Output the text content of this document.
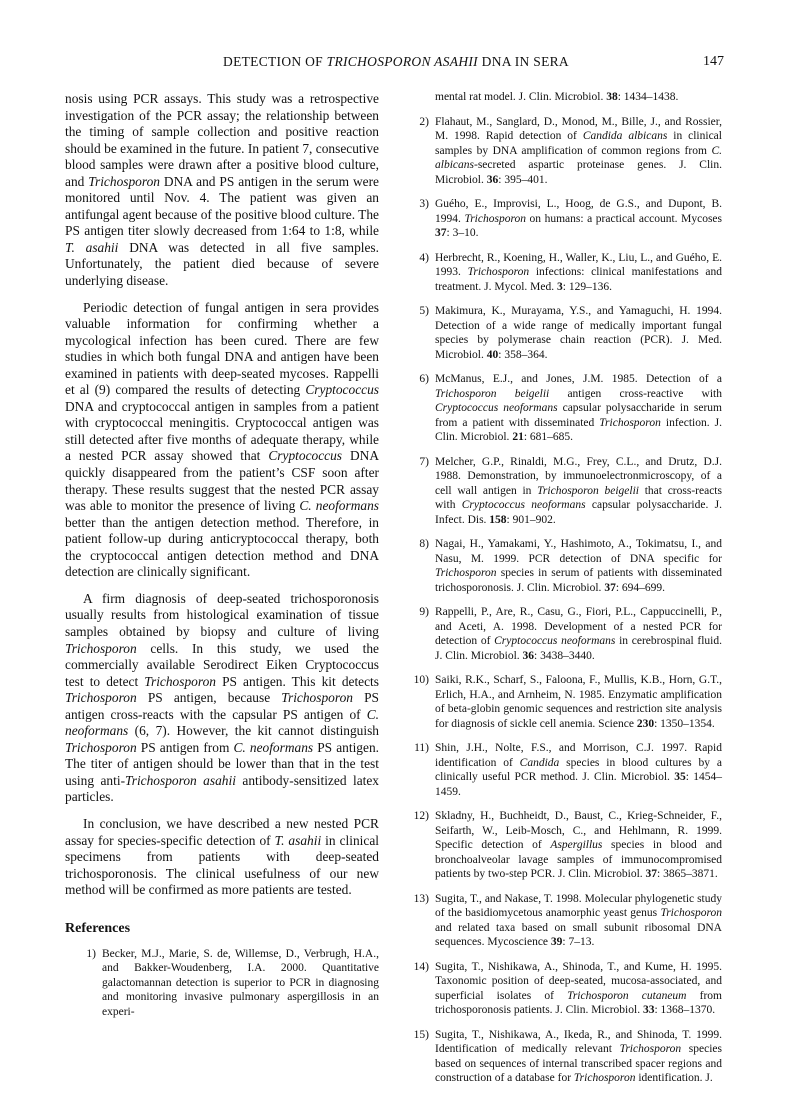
DETECTION OF TRICHOSPORON ASAHII DNA IN SERA	147

nosis using PCR assays. This study was a retrospective investigation of the PCR assay; the relationship between the timing of sample collection and positive reaction should be examined in the future. In patient 7, consecutive blood samples were drawn after a positive blood culture, and Trichosporon DNA and PS antigen in the serum were monitored until Nov. 4. The patient was given an antifungal agent because of the positive blood culture. The PS antigen titer slowly decreased from 1:64 to 1:8, while T. asahii DNA was detected in all five samples. Unfortunately, the patient died because of severe underlying disease.

Periodic detection of fungal antigen in sera provides valuable information for confirming whether a mycological infection has been cured. There are few studies in which both fungal DNA and antigen have been examined in patients with deep-seated mycoses. Rappelli et al (9) compared the results of detecting Cryptococcus DNA and cryptococcal antigen in samples from a patient with cryptococcal meningitis. Cryptococcal antigen was still detected after five months of adequate therapy, while a nested PCR assay showed that Cryptococcus DNA quickly disappeared from the patient’s CSF soon after therapy. These results suggest that the nested PCR assay was able to monitor the presence of living C. neoformans better than the antigen detection method. Therefore, in patient follow-up during anticryptococcal therapy, both the cryptococcal antigen detection method and DNA detection are clinically significant.

A firm diagnosis of deep-seated trichosporonosis usually results from histological examination of tissue samples obtained by biopsy and culture of living Trichosporon cells. In this study, we used the commercially available Serodirect Eiken Cryptococcus test to detect Trichosporon PS antigen. This kit detects Trichosporon PS antigen, because Trichosporon PS antigen cross-reacts with the capsular PS antigen of C. neoformans (6, 7). However, the kit cannot distinguish Trichosporon PS antigen from C. neoformans PS antigen. The titer of antigen should be lower than that in the test using anti-Trichosporon asahii antibody-sensitized latex particles.

In conclusion, we have described a new nested PCR assay for species-specific detection of T. asahii in clinical specimens from patients with deep-seated trichosporonosis. The clinical usefulness of our new method will be confirmed as more patients are tested.

References
1) Becker, M.J., Marie, S. de, Willemse, D., Verbrugh, H.A., and Bakker-Woudenberg, I.A. 2000. Quantitative galactomannan detection is superior to PCR in diagnosing and monitoring invasive pulmonary aspergillosis in an experi-
mental rat model. J. Clin. Microbiol. 38: 1434–1438.
2) Flahaut, M., Sanglard, D., Monod, M., Bille, J., and Rossier, M. 1998. Rapid detection of Candida albicans in clinical samples by DNA amplification of common regions from C. albicans-secreted aspartic proteinase genes. J. Clin. Microbiol. 36: 395–401.
3) Guého, E., Improvisi, L., Hoog, de G.S., and Dupont, B. 1994. Trichosporon on humans: a practical account. Mycoses 37: 3–10.
4) Herbrecht, R., Koening, H., Waller, K., Liu, L., and Guého, E. 1993. Trichosporon infections: clinical manifestations and treatment. J. Mycol. Med. 3: 129–136.
5) Makimura, K., Murayama, Y.S., and Yamaguchi, H. 1994. Detection of a wide range of medically important fungal species by polymerase chain reaction (PCR). J. Med. Microbiol. 40: 358–364.
6) McManus, E.J., and Jones, J.M. 1985. Detection of a Trichosporon beigelii antigen cross-reactive with Cryptococcus neoformans capsular polysaccharide in serum from a patient with disseminated Trichosporon infection. J. Clin. Microbiol. 21: 681–685.
7) Melcher, G.P., Rinaldi, M.G., Frey, C.L., and Drutz, D.J. 1988. Demonstration, by immunoelectronmicroscopy, of a cell wall antigen in Trichosporon beigelii that cross-reacts with Cryptococcus neoformans capsular polysaccharide. J. Infect. Dis. 158: 901–902.
8) Nagai, H., Yamakami, Y., Hashimoto, A., Tokimatsu, I., and Nasu, M. 1999. PCR detection of DNA specific for Trichosporon species in serum of patients with disseminated trichosporonosis. J. Clin. Microbiol. 37: 694–699.
9) Rappelli, P., Are, R., Casu, G., Fiori, P.L., Cappuccinelli, P., and Aceti, A. 1998. Development of a nested PCR for detection of Cryptococcus neoformans in cerebrospinal fluid. J. Clin. Microbiol. 36: 3438–3440.
10) Saiki, R.K., Scharf, S., Faloona, F., Mullis, K.B., Horn, G.T., Erlich, H.A., and Arnheim, N. 1985. Enzymatic amplification of beta-globin genomic sequences and restriction site analysis for diagnosis of sickle cell anemia. Science 230: 1350–1354.
11) Shin, J.H., Nolte, F.S., and Morrison, C.J. 1997. Rapid identification of Candida species in blood cultures by a clinically useful PCR method. J. Clin. Microbiol. 35: 1454–1459.
12) Skladny, H., Buchheidt, D., Baust, C., Krieg-Schneider, F., Seifarth, W., Leib-Mosch, C., and Hehlmann, R. 1999. Specific detection of Aspergillus species in blood and bronchoalveolar lavage samples of immunocompromised patients by two-step PCR. J. Clin. Microbiol. 37: 3865–3871.
13) Sugita, T., and Nakase, T. 1998. Molecular phylogenetic study of the basidiomycetous anamorphic yeast genus Trichosporon and related taxa based on small subunit ribosomal DNA sequences. Mycoscience 39: 7–13.
14) Sugita, T., Nishikawa, A., Shinoda, T., and Kume, H. 1995. Taxonomic position of deep-seated, mucosa-associated, and superficial isolates of Trichosporon cutaneum from trichosporonosis patients. J. Clin. Microbiol. 33: 1368–1370.
15) Sugita, T., Nishikawa, A., Ikeda, R., and Shinoda, T. 1999. Identification of medically relevant Trichosporon species based on sequences of internal transcribed spacer regions and construction of a database for Trichosporon identification. J.
